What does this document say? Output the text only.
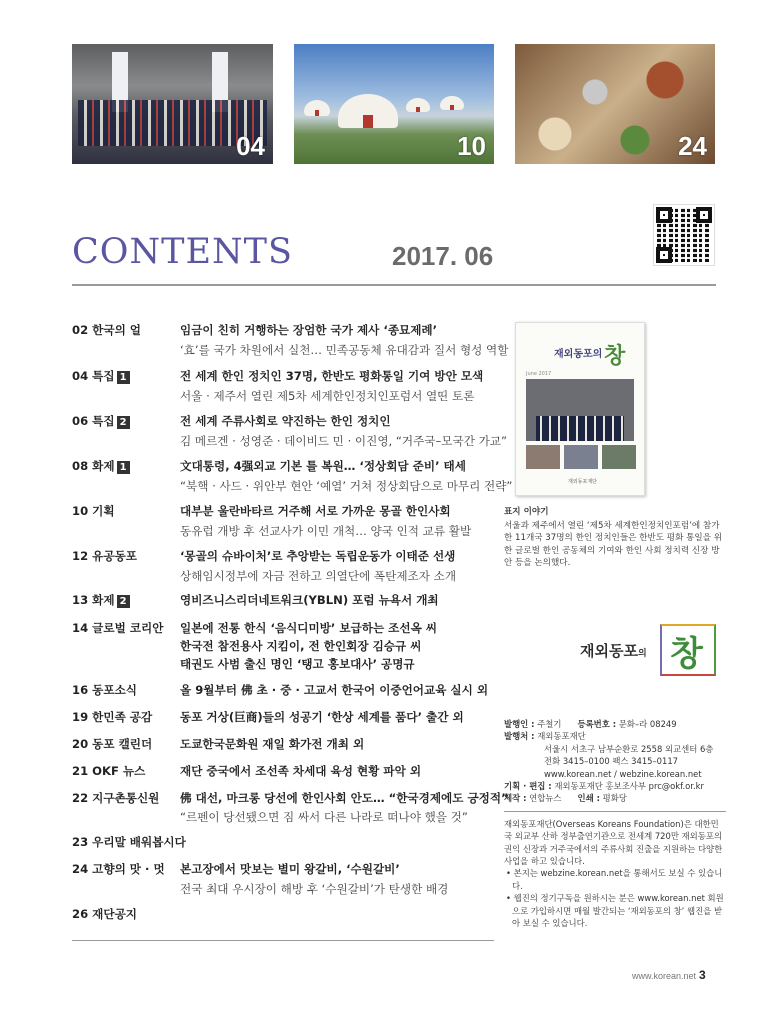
04	10	24
CONTENTS	2017. 06
02 한국의 얼	임금이 친히 거행하는 장엄한 국가 제사 ‘종묘제례’
‘효’를 국가 차원에서 실천… 민족공동체 유대감과 질서 형성 역할
04 특집 1	전 세계 한인 정치인 37명, 한반도 평화통일 기여 방안 모색
서울 · 제주서 열린 제5차 세계한인정치인포럼서 열띤 토론
06 특집 2	전 세계 주류사회로 약진하는 한인 정치인
김 메르겐 · 성영준 · 데이비드 민 · 이진영, “거주국–모국간 가교”
08 화제 1	文대통령, 4强외교 기본 틀 복원… ‘정상회담 준비’ 태세
“북핵 · 사드 · 위안부 현안 ‘예열’ 거쳐 정상회담으로 마무리 전략”
10 기획	대부분 울란바타르 거주해 서로 가까운 몽골 한인사회
동유럽 개방 후 선교사가 이민 개척… 양국 인적 교류 활발
12 유공동포	‘몽골의 슈바이처’로 추앙받는 독립운동가 이태준 선생
상해임시정부에 자금 전하고 의열단에 폭탄제조자 소개
13 화제 2	영비즈니스리더네트워크(YBLN) 포럼 뉴욕서 개최
14 글로벌 코리안	일본에 전통 한식 ‘음식디미방’ 보급하는 조선옥 씨
한국전 참전용사 지킴이, 전 한인회장 김승규 씨
태권도 사범 출신 명인 ‘탱고 홍보대사’ 공명규
16 동포소식	올 9월부터 佛 초 · 중 · 고교서 한국어 이중언어교육 실시 외
19 한민족 공감	동포 거상(巨商)들의 성공기 ‘한상 세계를 품다’ 출간 외
20 동포 캘린더	도쿄한국문화원 재일 화가전 개최 외
21 OKF 뉴스	재단 중국에서 조선족 차세대 육성 현황 파악 외
22 지구촌통신원	佛 대선, 마크롱 당선에 한인사회 안도… “한국경제에도 긍정적”
“르펜이 당선됐으면 짐 싸서 다른 나라로 떠나야 했을 것”
23 우리말 배워봅시다
24 고향의 맛 · 멋	본고장에서 맛보는 별미 왕갈비, ‘수원갈비’
전국 최대 우시장이 해방 후 ‘수원갈비’가 탄생한 배경
26 재단공지
재외동포의 창
June 2017
재외동포재단
표지 이야기
서울과 제주에서 열린 ‘제5차 세계한인정치인포럼’에 참가한 11개국 37명의 한인 정치인들은 한반도 평화 통일을 위한 글로벌 한인 공동체의 기여와 한인 사회 정치력 신장 방안 등을 논의했다.
재외동포의 창
발행인 : 주철기 등록번호 : 문화–라 08249
발행처 : 재외동포재단
서울시 서초구 남부순환로 2558 외교센터 6층
전화 3415–0100 팩스 3415–0117
www.korean.net / webzine.korean.net
기획 · 편집 : 재외동포재단 홍보조사부 prc@okf.or.kr
제작 : 연합뉴스 인쇄 : 평화당
재외동포재단(Overseas Koreans Foundation)은 대한민국 외교부 산하 정부출연기관으로 전세계 720만 재외동포의 권익 신장과 거주국에서의 주류사회 진출을 지원하는 다양한 사업을 하고 있습니다.
• 본지는 webzine.korean.net을 통해서도 보실 수 있습니다.
• 웹진의 정기구독을 원하시는 분은 www.korean.net 회원으로 가입하시면 매월 발간되는 ‘재외동포의 창’ 웹진을 받아 보실 수 있습니다.
www.korean.net 3
